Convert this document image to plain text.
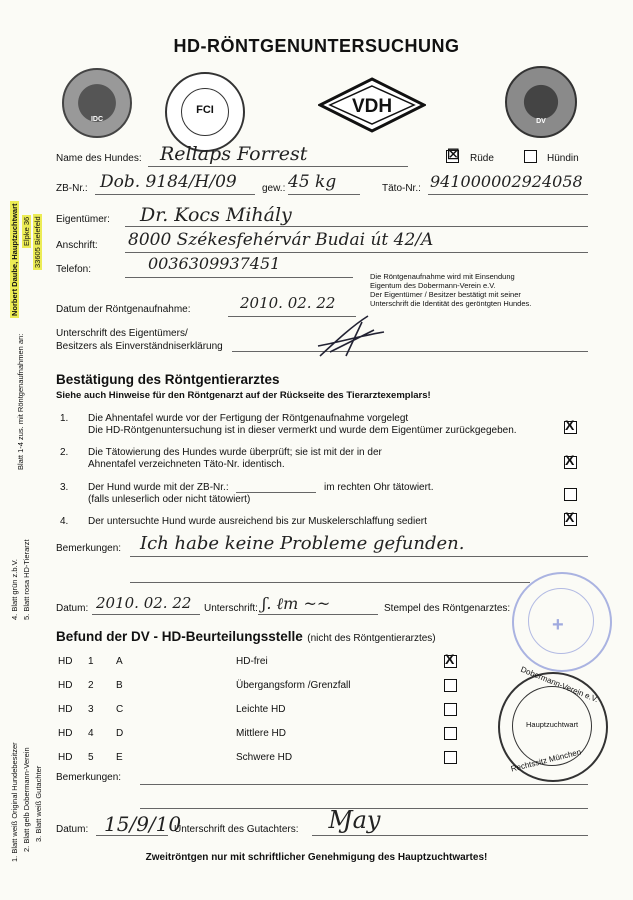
HD-RÖNTGENUNTERSUCHUNG
IDC
FCI	VDH
DV
Name des Hundes: Rellaps Forrest	☒ Rüde	Hündin
ZB-Nr.: Dob. 9184/H/09	gew.: 45 kg	Täto-Nr.: 941000002924058
Eigentümer: Dr. Kocs Mihály
Anschrift: 8000 Székesfehérvár Budai út 42/A
Telefon:	0036309937451
Die Röntgenaufnahme wird mit Einsendung
Eigentum des Dobermann-Verein e.V.
Der Eigentümer / Besitzer bestätigt mit seiner
Unterschrift die Identität des geröntgten Hundes.
Datum der Röntgenaufnahme:	2010. 02. 22
Unterschrift des Eigentümers/
Besitzers als Einverständniserklärung
Bestätigung des Röntgentierarztes
Siehe auch Hinweise für den Röntgenarzt auf der Rückseite des Tierarztexemplars!
1. Die Ahnentafel wurde vor der Fertigung der Röntgenaufnahme vorgelegt
Die HD-Röntgenuntersuchung ist in dieser vermerkt und wurde dem Eigentümer zurückgegeben.	X
2. Die Tätowierung des Hundes wurde überprüft; sie ist mit der in der
Ahnentafel verzeichneten Täto-Nr. identisch.	X
3. Der Hund wurde mit der ZB-Nr.:	im rechten Ohr tätowiert.
(falls unleserlich oder nicht tätowiert)
4. Der untersuchte Hund wurde ausreichend bis zur Muskelerschlaffung sediert	X
Bemerkungen: Ich habe keine Probleme gefunden.
Datum: 2010. 02. 22 Unterschrift: ʃ. ℓm ~~	Stempel des Röntgenarztes:
+
Befund der DV - HD-Beurteilungsstelle (nicht des Röntgentierarztes)
HD 1 A	HD-frei	X
HD 2 B	Übergangsform /Grenzfall
HD 3 C	Leichte HD
HD 4 D	Mittlere HD
HD 5 E	Schwere HD
Dobermann-Verein e.V.
Hauptzuchtwart
Rechtssitz München
Bemerkungen:
Datum: 15/9/10
Unterschrift des Gutachters: Ɱay
Zweitröntgen nur mit schriftlicher Genehmigung des Hauptzuchtwartes!
Norbert Daube, Hauptzuchtwart Elpke 36 33605 Bielefeld
Blatt 1-4 zus. mit Röntgenaufnahmen an:
4. Blatt grün z.b.V. 5. Blatt rosa HD-Tierarzt
1. Blatt weiß Original Hundebesitzer 2. Blatt gelb Dobermann-Verein 3. Blatt weiß Gutachter
